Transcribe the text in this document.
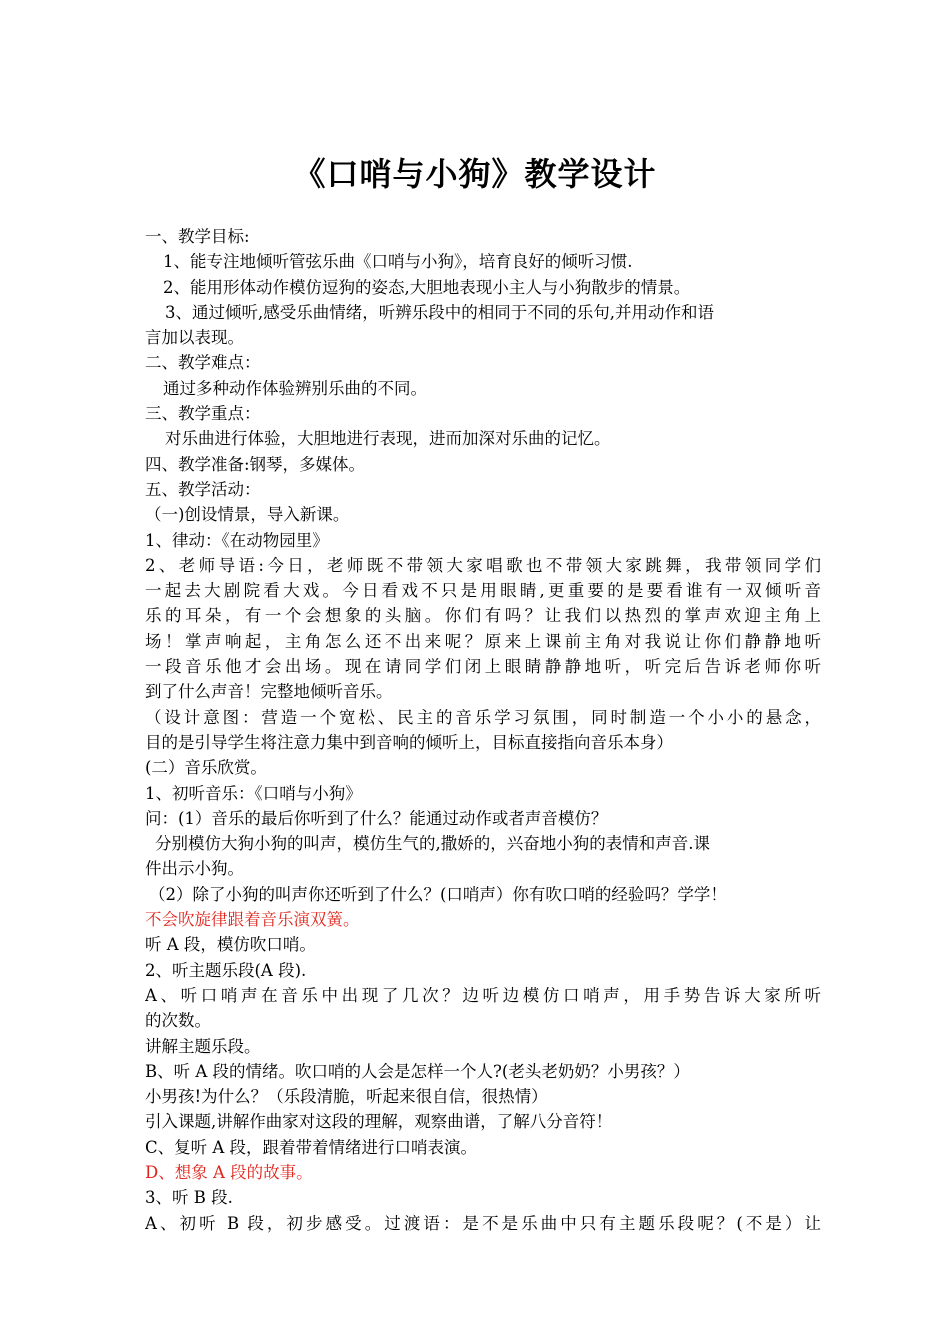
《口哨与小狗》教学设计
一、教学目标:
1、能专注地倾听管弦乐曲《口哨与小狗》，培育良好的倾听习惯.
2、能用形体动作模仿逗狗的姿态,大胆地表现小主人与小狗散步的情景。
3、通过倾听,感受乐曲情绪，听辨乐段中的相同于不同的乐句,并用动作和语
言加以表现。
二、教学难点：
通过多种动作体验辨别乐曲的不同。
三、教学重点：
对乐曲进行体验，大胆地进行表现，进而加深对乐曲的记忆。
四、教学准备:钢琴，多媒体。
五、教学活动：
（一)创设情景，导入新课。
1、律动：《在动物园里》
2、老师导语:今日，老师既不带领大家唱歌也不带领大家跳舞，我带领同学们
一起去大剧院看大戏。今日看戏不只是用眼睛,更重要的是要看谁有一双倾听音
乐的耳朵，有一个会想象的头脑。你们有吗？让我们以热烈的掌声欢迎主角上
场！掌声响起，主角怎么还不出来呢？原来上课前主角对我说让你们静静地听
一段音乐他才会出场。现在请同学们闭上眼睛静静地听，听完后告诉老师你听
到了什么声音！完整地倾听音乐。
（设计意图：营造一个宽松、民主的音乐学习氛围，同时制造一个小小的悬念，
目的是引导学生将注意力集中到音响的倾听上，目标直接指向音乐本身）
(二）音乐欣赏。
1、初听音乐：《口哨与小狗》
问：(1）音乐的最后你听到了什么？能通过动作或者声音模仿？
分别模仿大狗小狗的叫声，模仿生气的,撒娇的，兴奋地小狗的表情和声音.课
件出示小狗。
（2）除了小狗的叫声你还听到了什么？(口哨声）你有吹口哨的经验吗？学学！
不会吹旋律跟着音乐演双簧。
听 A 段，模仿吹口哨。
2、听主题乐段(A 段).
A、听口哨声在音乐中出现了几次？边听边模仿口哨声，用手势告诉大家所听
的次数。
讲解主题乐段。
B、听 A 段的情绪。吹口哨的人会是怎样一个人?(老头老奶奶？小男孩？）
小男孩!为什么？（乐段清脆，听起来很自信，很热情）
引入课题,讲解作曲家对这段的理解，观察曲谱，了解八分音符！
C、复听 A 段，跟着带着情绪进行口哨表演。
D、想象 A 段的故事。
3、听 B 段.
A、初听 B 段，初步感受。过渡语：是不是乐曲中只有主题乐段呢？(不是）让
